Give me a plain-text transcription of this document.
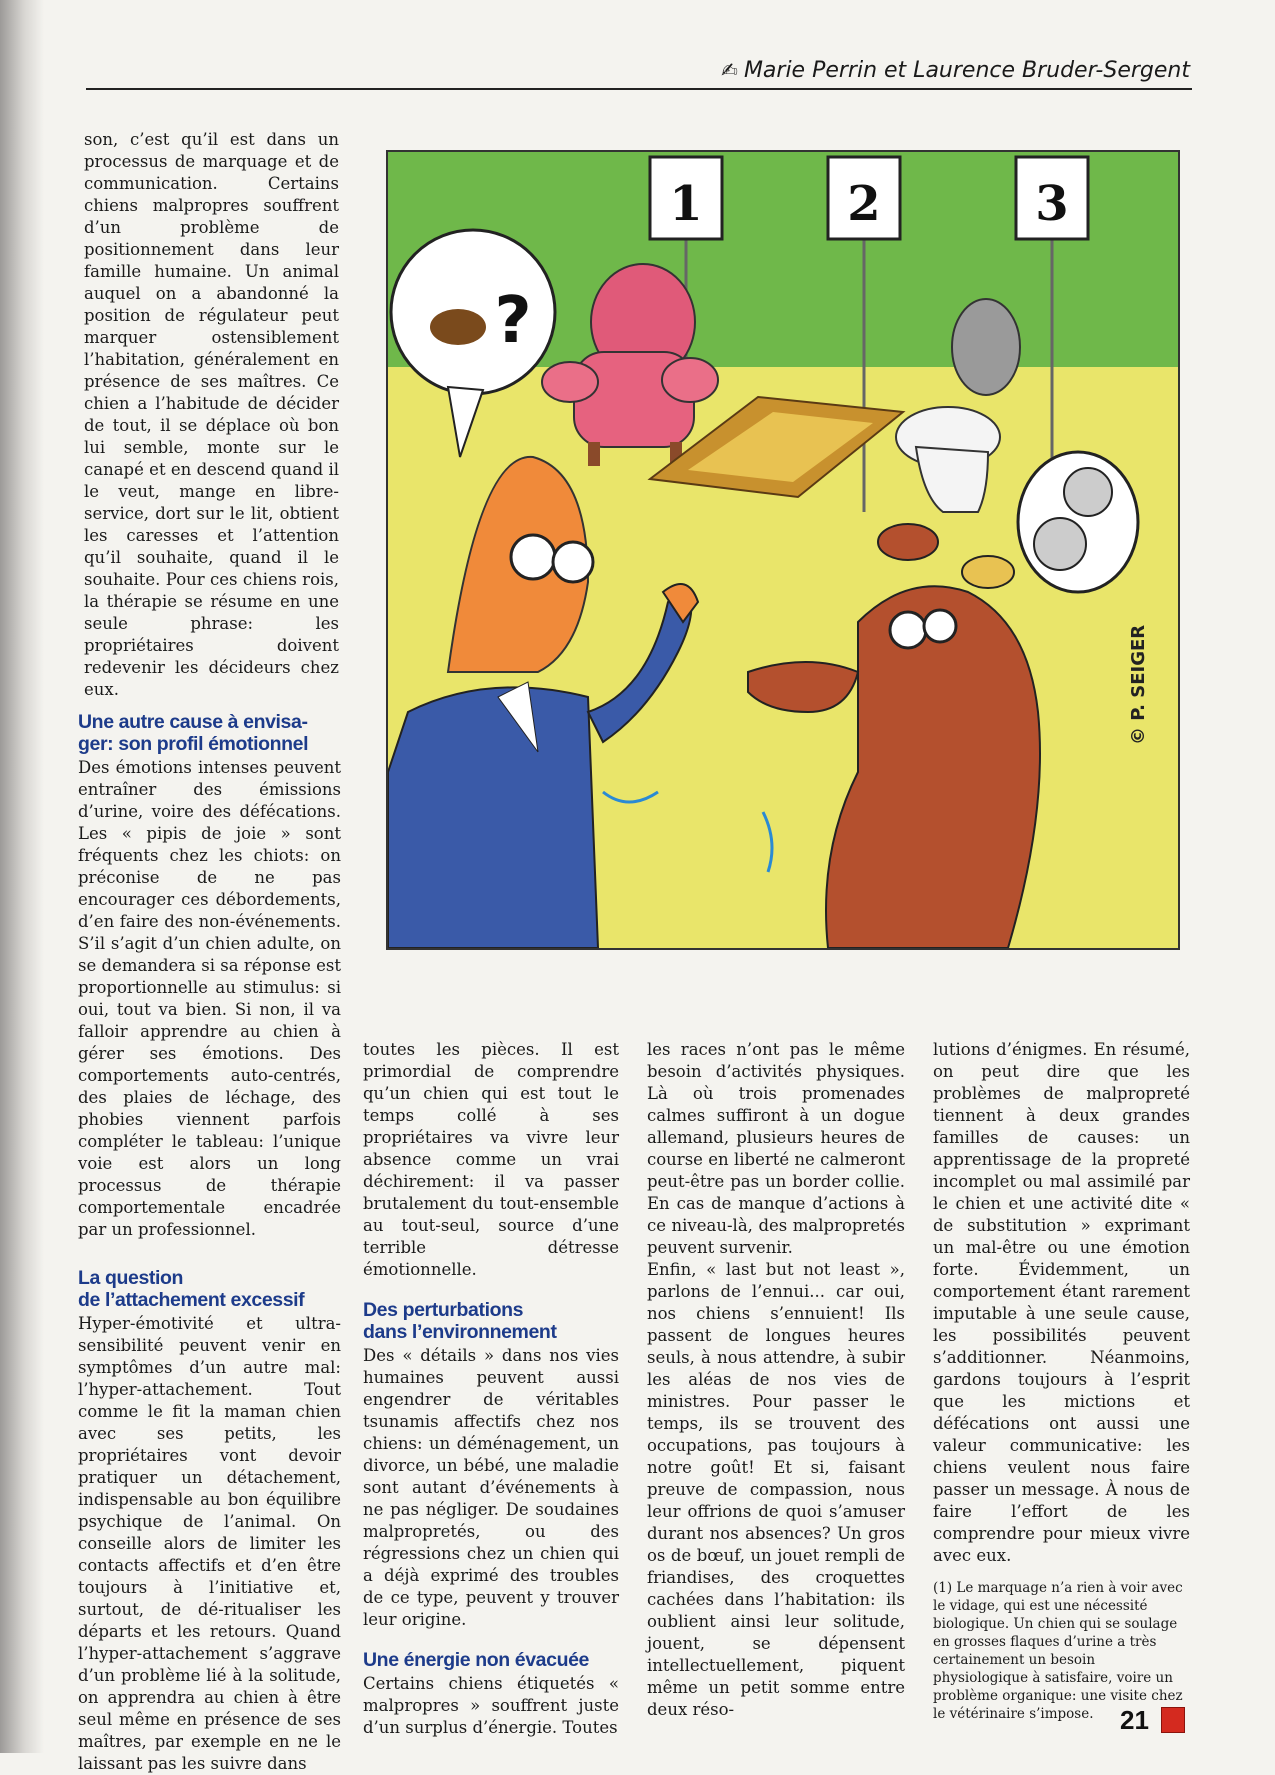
✍ Marie Perrin et Laurence Bruder-Sergent

son, c’est qu’il est dans un processus de marquage et de communication. Certains chiens malpropres souffrent d’un problème de positionnement dans leur famille humaine. Un animal auquel on a abandonné la position de régulateur peut marquer ostensiblement l’habitation, généralement en présence de ses maîtres. Ce chien a l’habitude de décider de tout, il se déplace où bon lui semble, monte sur le canapé et en descend quand il le veut, mange en libre-service, dort sur le lit, obtient les caresses et l’attention qu’il souhaite, quand il le souhaite. Pour ces chiens rois, la thérapie se résume en une seule phrase: les propriétaires doivent redevenir les décideurs chez eux.

Une autre cause à envisa-
ger: son profil émotionnel

Des émotions intenses peuvent entraîner des émissions d’urine, voire des défécations. Les « pipis de joie » sont fréquents chez les chiots: on préconise de ne pas encourager ces débordements, d’en faire des non-événements. S’il s’agit d’un chien adulte, on se demandera si sa réponse est proportionnelle au stimulus: si oui, tout va bien. Si non, il va falloir apprendre au chien à gérer ses émotions. Des comportements auto-centrés, des plaies de léchage, des phobies viennent parfois compléter le tableau: l’unique voie est alors un long processus de thérapie comportementale encadrée par un professionnel.

La question
de l’attachement excessif

Hyper-émotivité et ultra-sensibilité peuvent venir en symptômes d’un autre mal: l’hyper-attachement. Tout comme le fit la maman chien avec ses petits, les propriétaires vont devoir pratiquer un détachement, indispensable au bon équilibre psychique de l’animal. On conseille alors de limiter les contacts affectifs et d’en être toujours à l’initiative et, surtout, de dé-ritualiser les départs et les retours. Quand l’hyper-attachement s’aggrave d’un problème lié à la solitude, on apprendra au chien à être seul même en présence de ses maîtres, par exemple en ne le laissant pas les suivre dans

1	2	3
?
© P. SEIGER

toutes les pièces. Il est primordial de comprendre qu’un chien qui est tout le temps collé à ses propriétaires va vivre leur absence comme un vrai déchirement: il va passer brutalement du tout-ensemble au tout-seul, source d’une terrible détresse émotionnelle.

Des perturbations
dans l’environnement

Des « détails » dans nos vies humaines peuvent aussi engendrer de véritables tsunamis affectifs chez nos chiens: un déménagement, un divorce, un bébé, une maladie sont autant d’événements à ne pas négliger. De soudaines malpropretés, ou des régressions chez un chien qui a déjà exprimé des troubles de ce type, peuvent y trouver leur origine.

Une énergie non évacuée

Certains chiens étiquetés « malpropres » souffrent juste d’un surplus d’énergie. Toutes

les races n’ont pas le même besoin d’activités physiques. Là où trois promenades calmes suffiront à un dogue allemand, plusieurs heures de course en liberté ne calmeront peut-être pas un border collie. En cas de manque d’actions à ce niveau-là, des malpropretés peuvent survenir.

Enfin, « last but not least », parlons de l’ennui... car oui, nos chiens s’ennuient! Ils passent de longues heures seuls, à nous attendre, à subir les aléas de nos vies de ministres. Pour passer le temps, ils se trouvent des occupations, pas toujours à notre goût! Et si, faisant preuve de compassion, nous leur offrions de quoi s’amuser durant nos absences? Un gros os de bœuf, un jouet rempli de friandises, des croquettes cachées dans l’habitation: ils oublient ainsi leur solitude, jouent, se dépensent intellectuellement, piquent même un petit somme entre deux réso-

lutions d’énigmes. En résumé, on peut dire que les problèmes de malpropreté tiennent à deux grandes familles de causes: un apprentissage de la propreté incomplet ou mal assimilé par le chien et une activité dite « de substitution » exprimant un mal-être ou une émotion forte. Évidemment, un comportement étant rarement imputable à une seule cause, les possibilités peuvent s’additionner. Néanmoins, gardons toujours à l’esprit que les mictions et défécations ont aussi une valeur communicative: les chiens veulent nous faire passer un message. À nous de faire l’effort de les comprendre pour mieux vivre avec eux.

(1) Le marquage n’a rien à voir avec le vidage, qui est une nécessité biologique. Un chien qui se soulage en grosses flaques d’urine a très certainement un besoin physiologique à satisfaire, voire un problème organique: une visite chez le vétérinaire s’impose.	21
